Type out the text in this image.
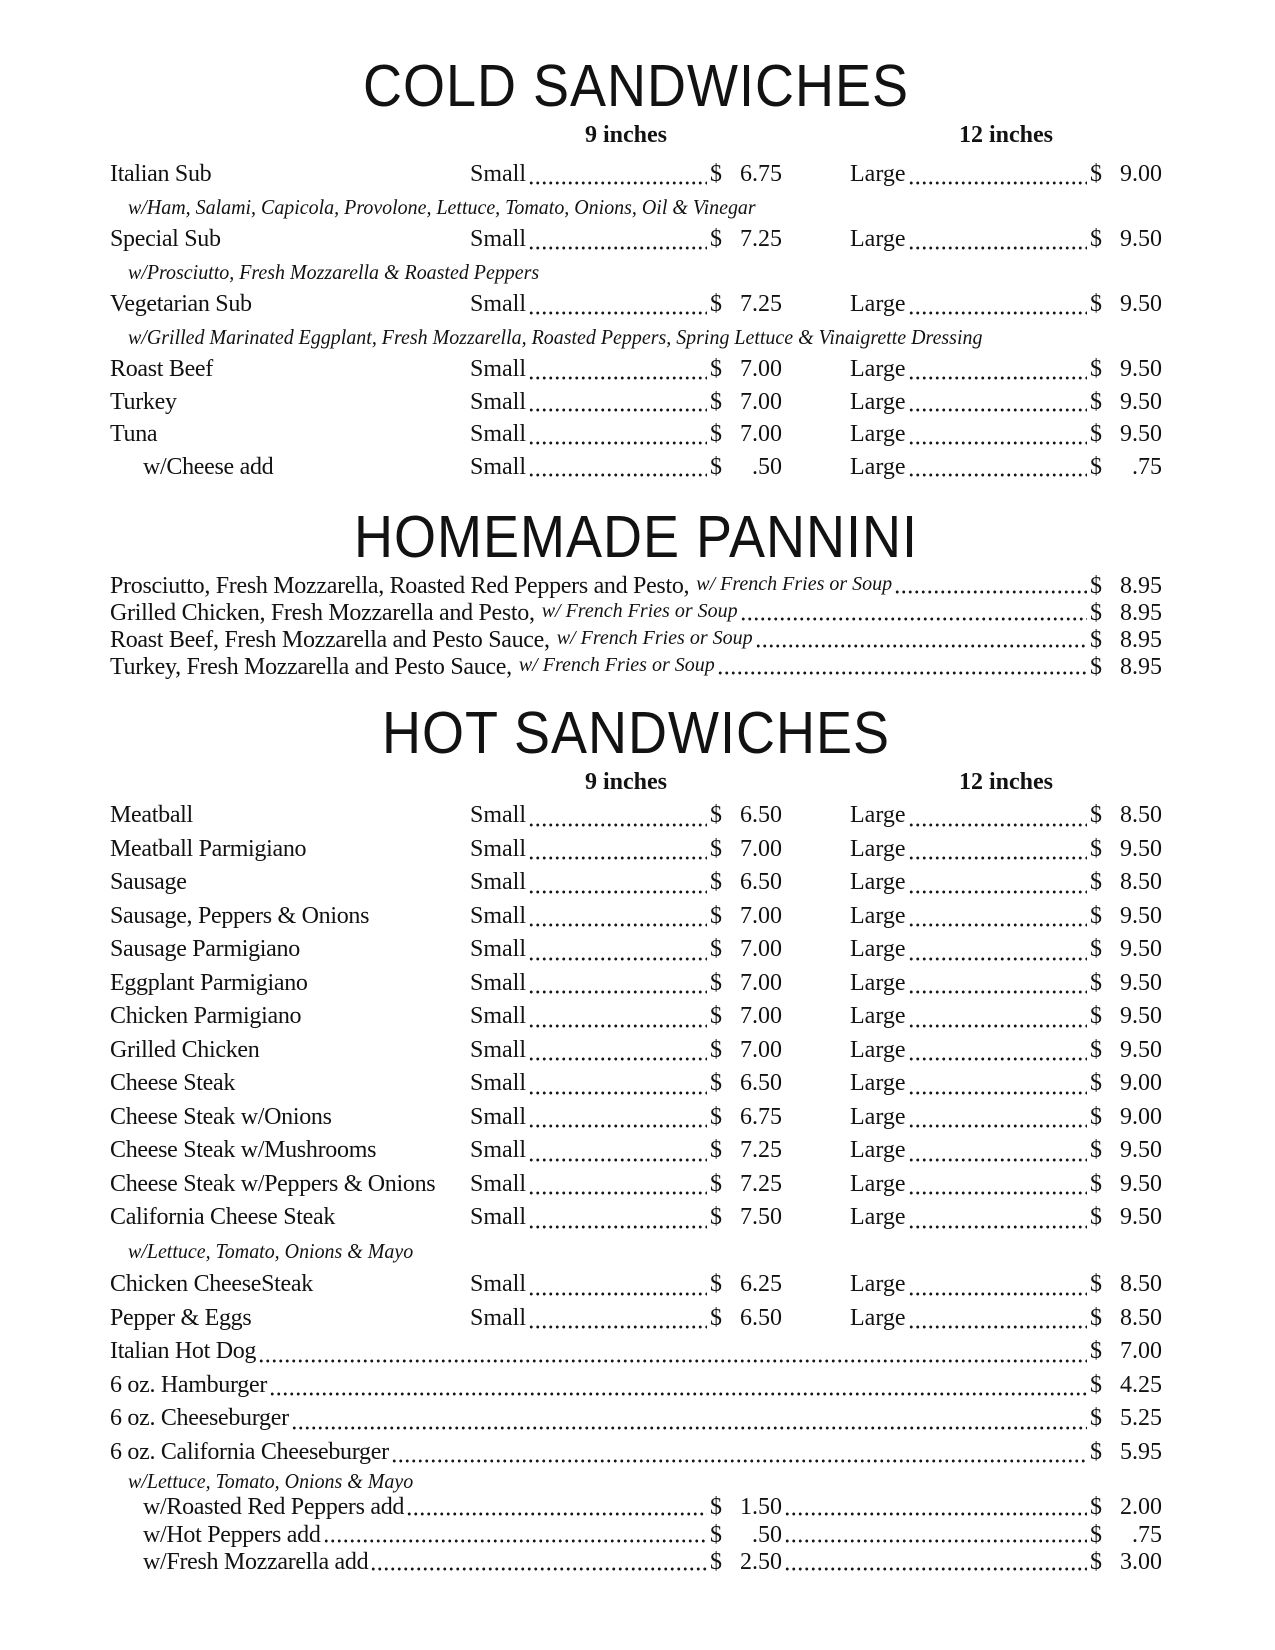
COLD SANDWICHES
9 inches	12 inches
Italian Sub	Small	$ 6.75	Large	$ 9.00
w/Ham, Salami, Capicola, Provolone, Lettuce, Tomato, Onions, Oil & Vinegar
Special Sub	Small	$ 7.25	Large	$ 9.50
w/Prosciutto, Fresh Mozzarella & Roasted Peppers
Vegetarian Sub	Small	$ 7.25	Large	$ 9.50
w/Grilled Marinated Eggplant, Fresh Mozzarella, Roasted Peppers, Spring Lettuce & Vinaigrette Dressing
Roast Beef	Small	$ 7.00	Large	$ 9.50
Turkey	Small	$ 7.00	Large	$ 9.50
Tuna	Small	$ 7.00	Large	$ 9.50
w/Cheese add	Small	$ .50	Large	$ .75
HOMEMADE PANNINI
Prosciutto, Fresh Mozzarella, Roasted Red Peppers and Pesto, w/ French Fries or Soup	$ 8.95
Grilled Chicken, Fresh Mozzarella and Pesto, w/ French Fries or Soup	$ 8.95
Roast Beef, Fresh Mozzarella and Pesto Sauce, w/ French Fries or Soup	$ 8.95
Turkey, Fresh Mozzarella and Pesto Sauce, w/ French Fries or Soup	$ 8.95
HOT SANDWICHES
9 inches	12 inches
Meatball	Small	$ 6.50	Large	$ 8.50
Meatball Parmigiano	Small	$ 7.00	Large	$ 9.50
Sausage	Small	$ 6.50	Large	$ 8.50
Sausage, Peppers & Onions	Small	$ 7.00	Large	$ 9.50
Sausage Parmigiano	Small	$ 7.00	Large	$ 9.50
Eggplant Parmigiano	Small	$ 7.00	Large	$ 9.50
Chicken Parmigiano	Small	$ 7.00	Large	$ 9.50
Grilled Chicken	Small	$ 7.00	Large	$ 9.50
Cheese Steak	Small	$ 6.50	Large	$ 9.00
Cheese Steak w/Onions	Small	$ 6.75	Large	$ 9.00
Cheese Steak w/Mushrooms	Small	$ 7.25	Large	$ 9.50
Cheese Steak w/Peppers & Onions	Small	$ 7.25	Large	$ 9.50
California Cheese Steak	Small	$ 7.50	Large	$ 9.50
w/Lettuce, Tomato, Onions & Mayo
Chicken CheeseSteak	Small	$ 6.25	Large	$ 8.50
Pepper & Eggs	Small	$ 6.50	Large	$ 8.50
Italian Hot Dog	$ 7.00
6 oz. Hamburger	$ 4.25
6 oz. Cheeseburger	$ 5.25
6 oz. California Cheeseburger	$ 5.95
w/Lettuce, Tomato, Onions & Mayo
w/Roasted Red Peppers add	$ 1.50	$ 2.00
w/Hot Peppers add	$ .50	$ .75
w/Fresh Mozzarella add	$ 2.50	$ 3.00
